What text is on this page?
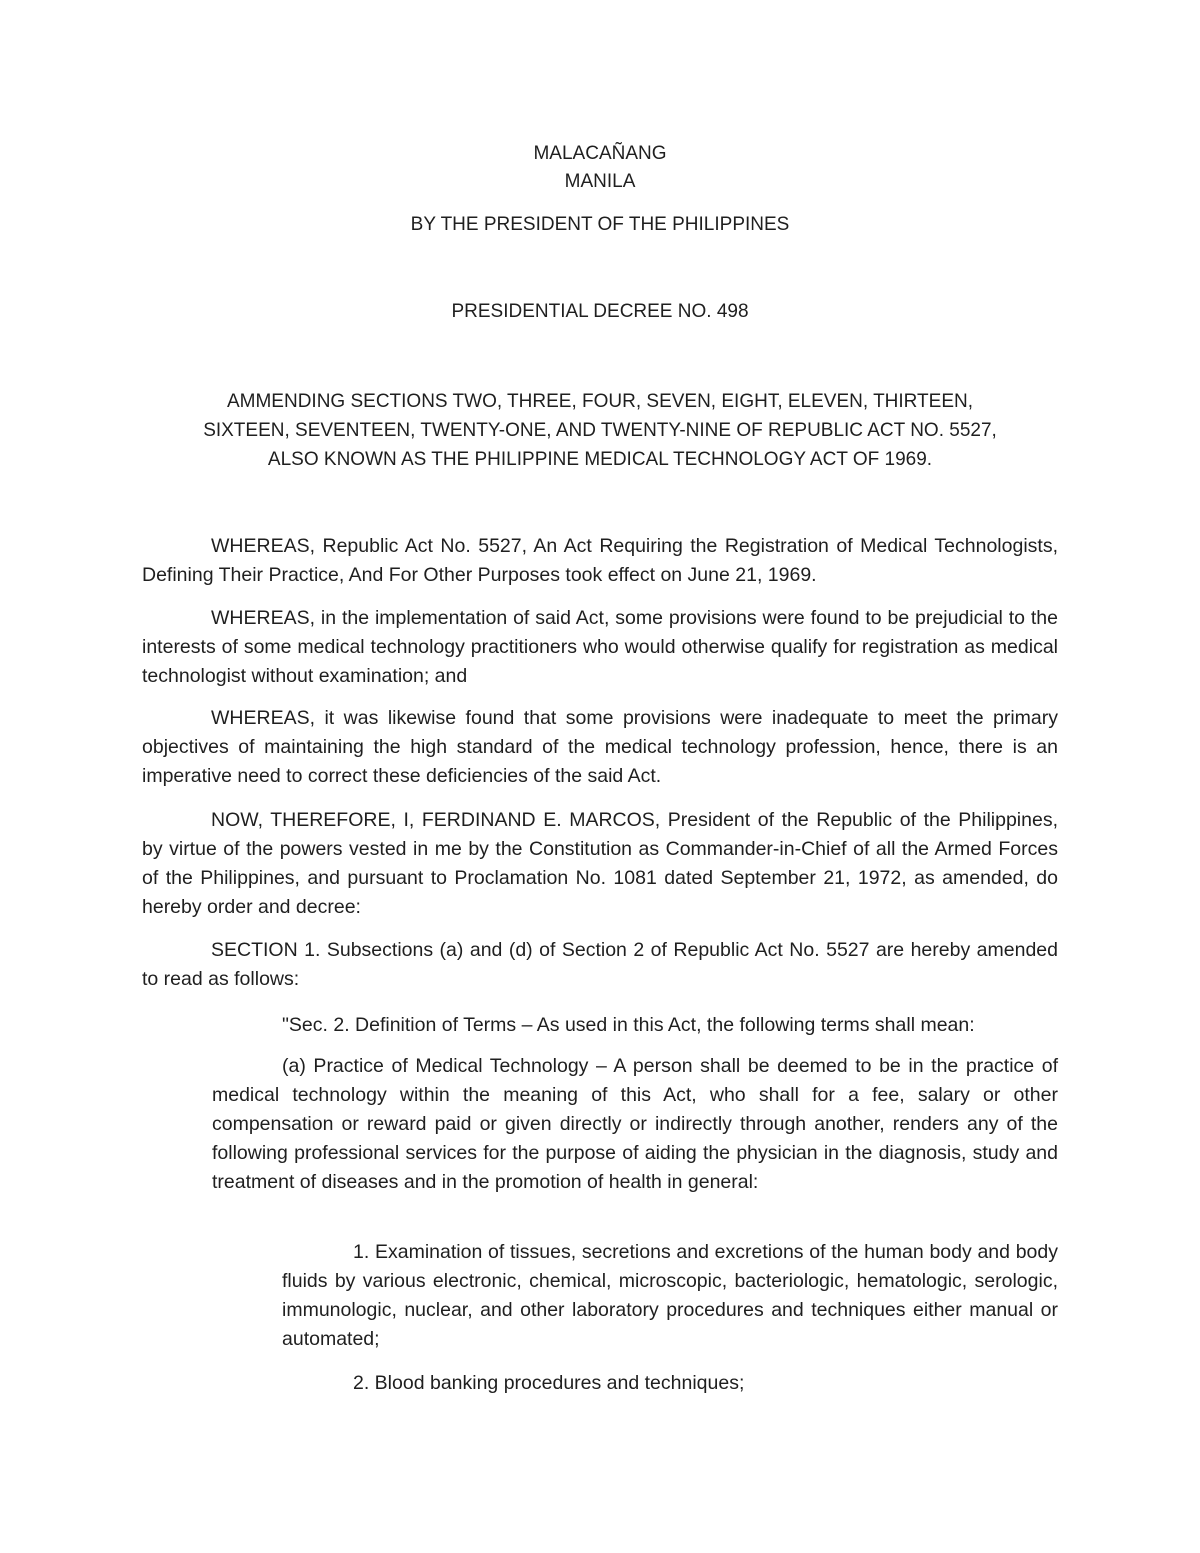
MALACAÑANG
MANILA
BY THE PRESIDENT OF THE PHILIPPINES
PRESIDENTIAL DECREE NO. 498
AMMENDING SECTIONS TWO, THREE, FOUR, SEVEN, EIGHT, ELEVEN, THIRTEEN,
SIXTEEN, SEVENTEEN, TWENTY-ONE, AND TWENTY-NINE OF REPUBLIC ACT NO. 5527,
ALSO KNOWN AS THE PHILIPPINE MEDICAL TECHNOLOGY ACT OF 1969.

WHEREAS, Republic Act No. 5527, An Act Requiring the Registration of Medical Technologists, Defining Their Practice, And For Other Purposes took effect on June 21, 1969.

WHEREAS, in the implementation of said Act, some provisions were found to be prejudicial to the interests of some medical technology practitioners who would otherwise qualify for registration as medical technologist without examination; and

WHEREAS, it was likewise found that some provisions were inadequate to meet the primary objectives of maintaining the high standard of the medical technology profession, hence, there is an imperative need to correct these deficiencies of the said Act.

NOW, THEREFORE, I, FERDINAND E. MARCOS, President of the Republic of the Philippines, by virtue of the powers vested in me by the Constitution as Commander-in-Chief of all the Armed Forces of the Philippines, and pursuant to Proclamation No. 1081 dated September 21, 1972, as amended, do hereby order and decree:

SECTION 1. Subsections (a) and (d) of Section 2 of Republic Act No. 5527 are hereby amended to read as follows:

"Sec. 2. Definition of Terms – As used in this Act, the following terms shall mean:

(a) Practice of Medical Technology – A person shall be deemed to be in the practice of medical technology within the meaning of this Act, who shall for a fee, salary or other compensation or reward paid or given directly or indirectly through another, renders any of the following professional services for the purpose of aiding the physician in the diagnosis, study and treatment of diseases and in the promotion of health in general:

1. Examination of tissues, secretions and excretions of the human body and body fluids by various electronic, chemical, microscopic, bacteriologic, hematologic, serologic, immunologic, nuclear, and other laboratory procedures and techniques either manual or automated;

2. Blood banking procedures and techniques;
